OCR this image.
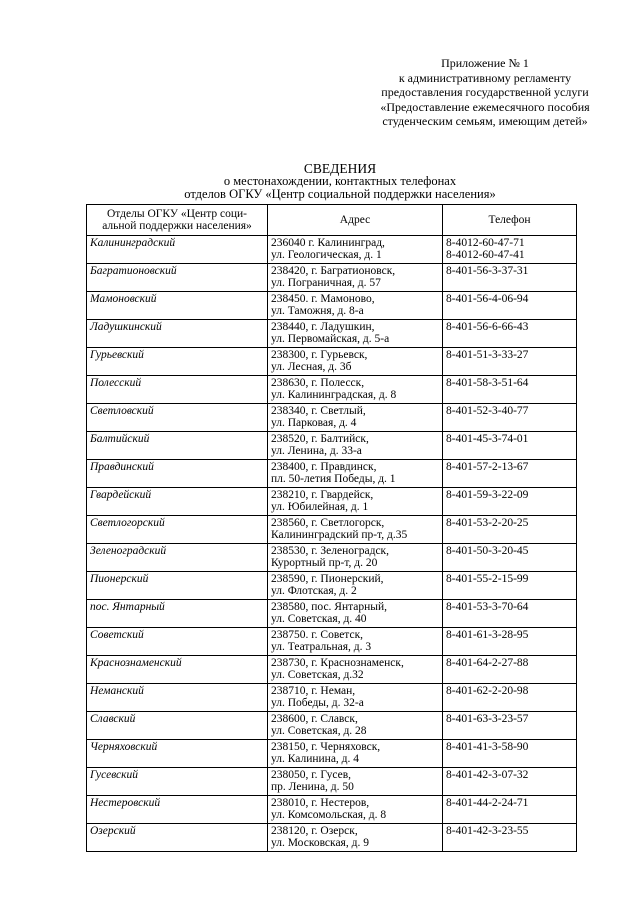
Приложение № 1
к административному регламенту
предоставления государственной услуги
«Предоставление ежемесячного пособия
студенческим семьям, имеющим детей»
СВЕДЕНИЯ
о местонахождении, контактных телефонах
отделов ОГКУ «Центр социальной поддержки населения»
Отделы ОГКУ «Центр соци-
альной поддержки населения»	Адрес	Телефон
Калининградский	236040 г. Калининград,
ул. Геологическая, д. 1	8-4012-60-47-71
8-4012-60-47-41

Багратионовский	238420, г. Багратионовск,
ул. Пограничная, д. 57	8-401-56-3-37-31

Мамоновский	238450. г. Мамоново,
ул. Таможня, д. 8-а	8-401-56-4-06-94

Ладушкинский	238440, г. Ладушкин,
ул. Первомайская, д. 5-а	8-401-56-6-66-43

Гурьевский	238300, г. Гурьевск,
ул. Лесная, д. 3б	8-401-51-3-33-27

Полесский	238630, г. Полесск,
ул. Калининградская, д. 8	8-401-58-3-51-64

Светловский	238340, г. Светлый,
ул. Парковая, д. 4	8-401-52-3-40-77

Балтийский	238520, г. Балтийск,
ул. Ленина, д. 33-а	8-401-45-3-74-01

Правдинский	238400, г. Правдинск,
пл. 50-летия Победы, д. 1	8-401-57-2-13-67

Гвардейский	238210, г. Гвардейск,
ул. Юбилейная, д. 1	8-401-59-3-22-09

Светлогорский	238560, г. Светлогорск,
Калининградский пр-т, д.35	8-401-53-2-20-25

Зеленоградский	238530, г. Зеленоградск,
Курортный пр-т, д. 20	8-401-50-3-20-45

Пионерский	238590, г. Пионерский,
ул. Флотская, д. 2	8-401-55-2-15-99

пос. Янтарный	238580, пос. Янтарный,
ул. Советская, д. 40	8-401-53-3-70-64

Советский	238750. г. Советск,
ул. Театральная, д. 3	8-401-61-3-28-95

Краснознаменский	238730, г. Краснознаменск,
ул. Советская, д.32	8-401-64-2-27-88

Неманский	238710, г. Неман,
ул. Победы, д. 32-а	8-401-62-2-20-98

Славский	238600, г. Славск,
ул. Советская, д. 28	8-401-63-3-23-57

Черняховский	238150, г. Черняховск,
ул. Калинина, д. 4	8-401-41-3-58-90

Гусевский	238050, г. Гусев,
пр. Ленина, д. 50	8-401-42-3-07-32

Нестеровский	238010, г. Нестеров,
ул. Комсомольская, д. 8	8-401-44-2-24-71

Озерский	238120, г. Озерск,
ул. Московская, д. 9	8-401-42-3-23-55
